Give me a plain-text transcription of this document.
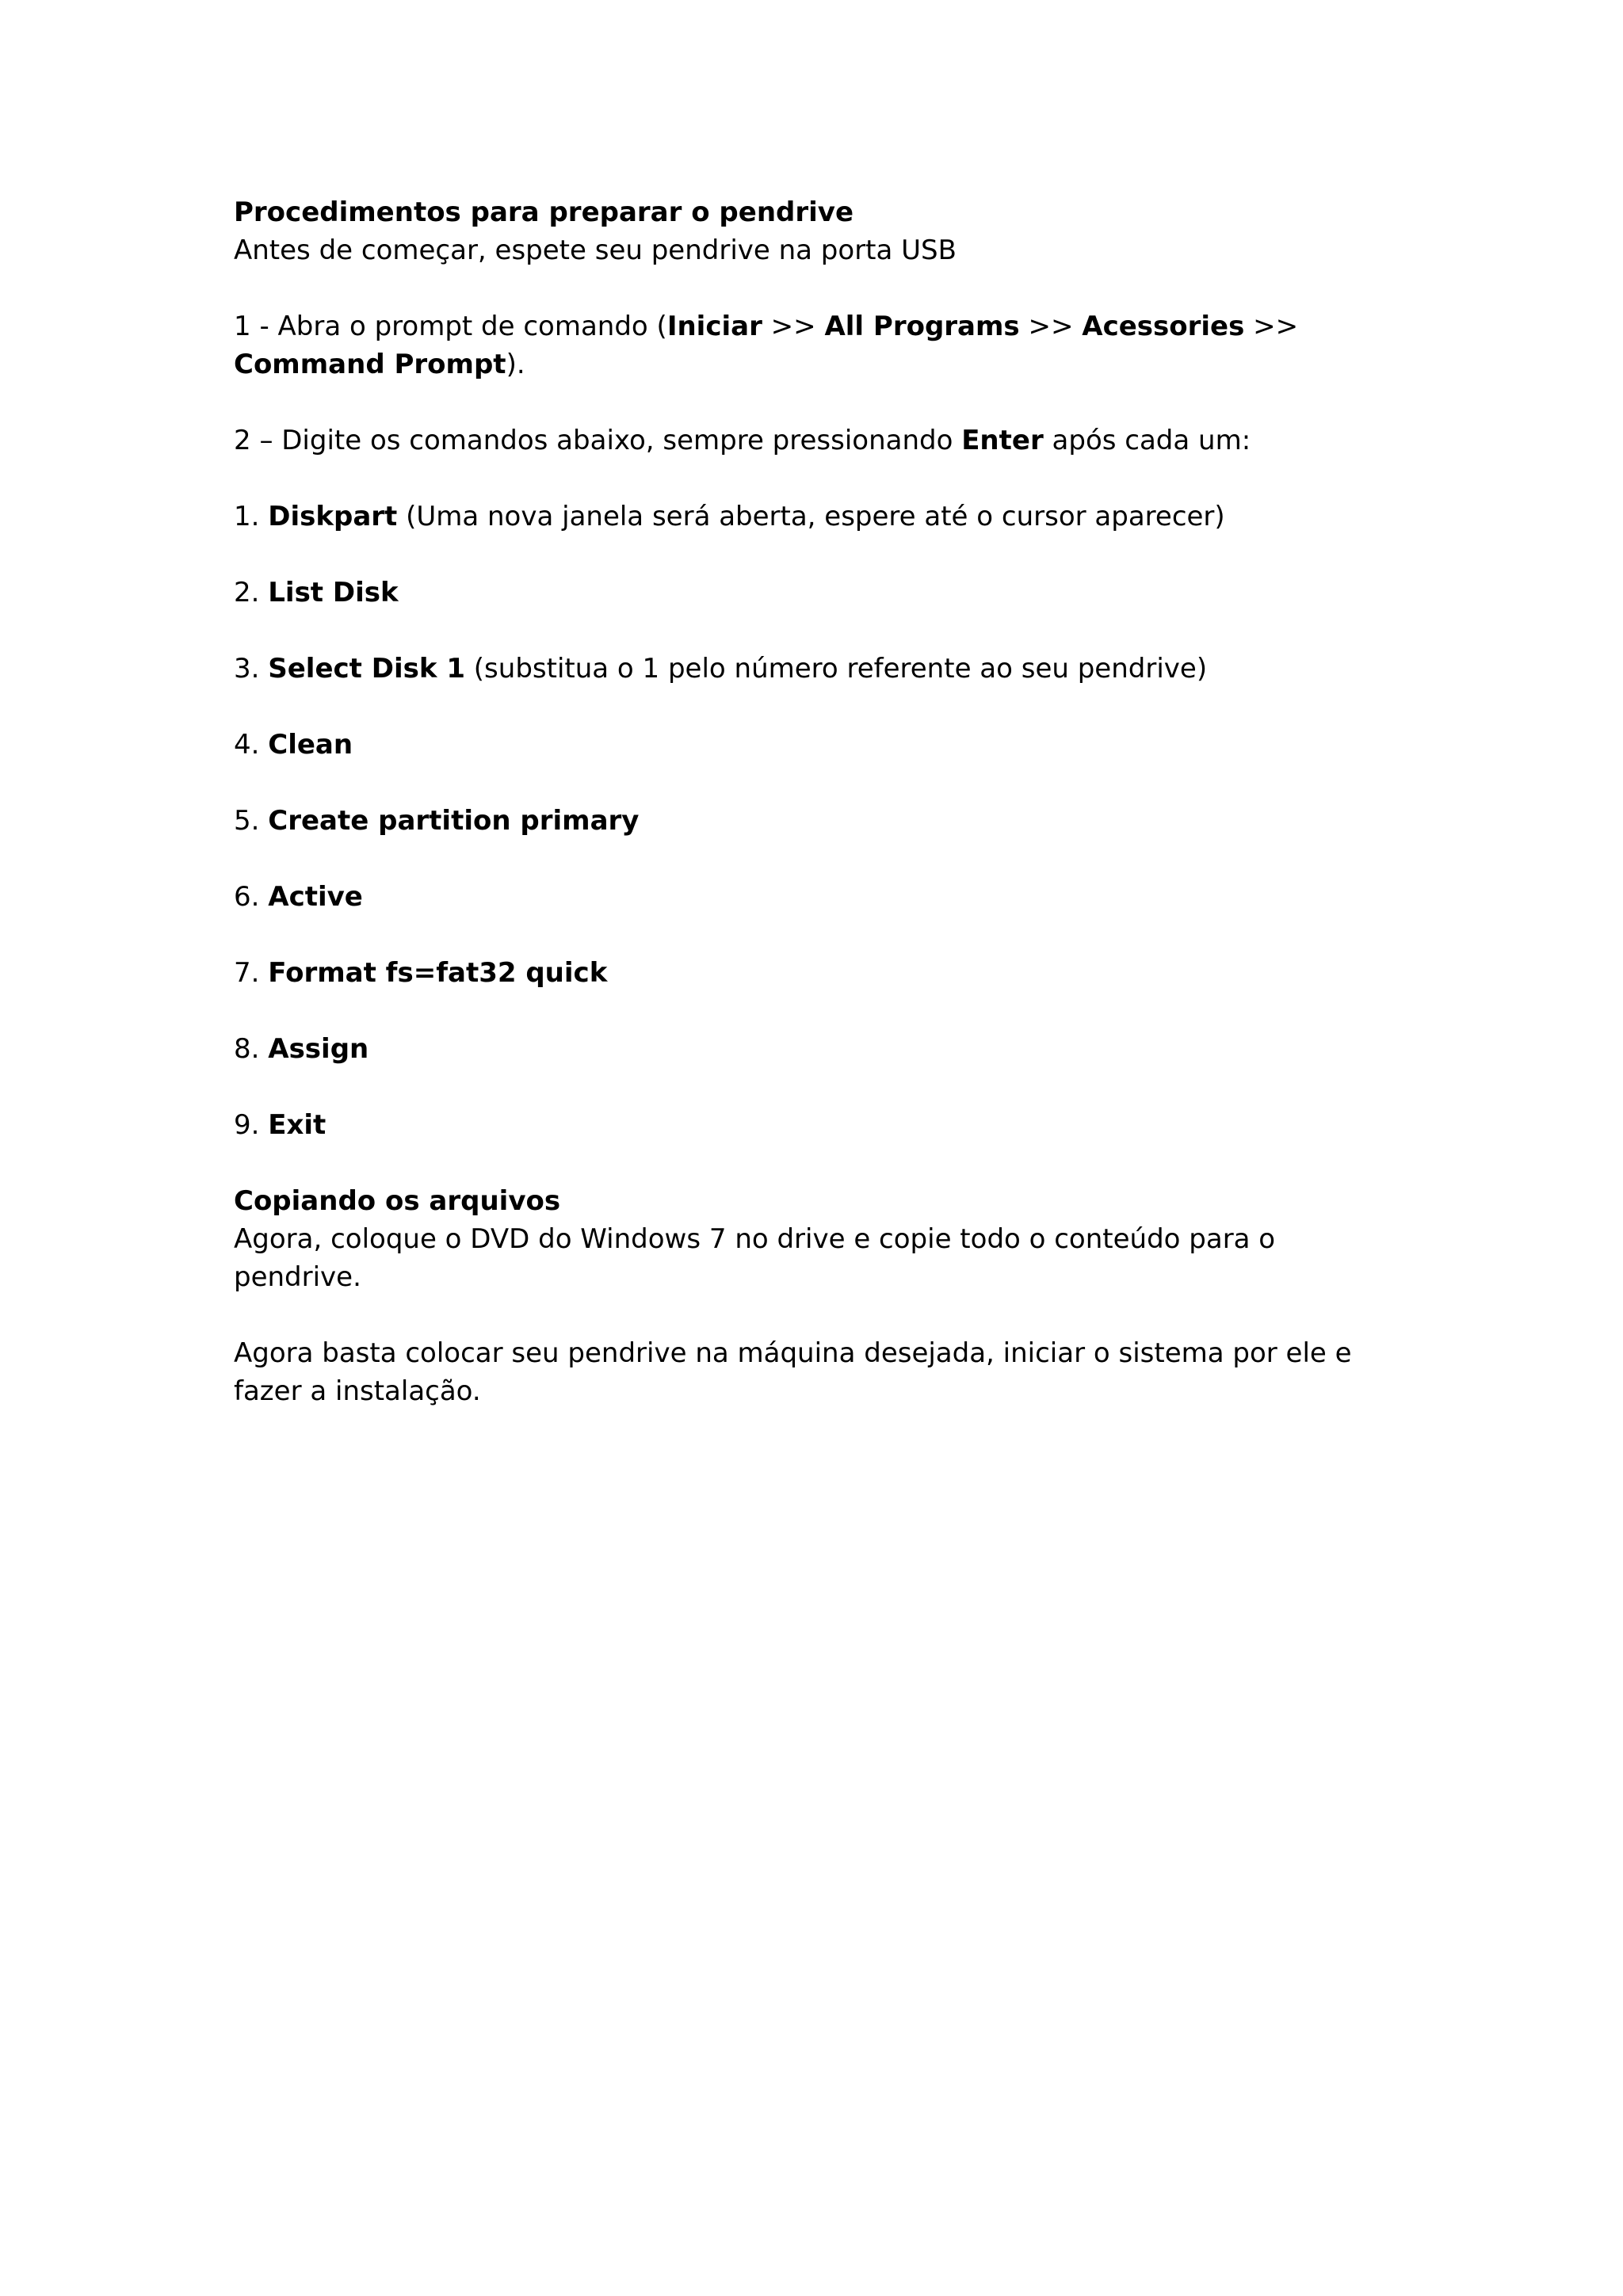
Procedimentos para preparar o pendrive

Antes de começar, espete seu pendrive na porta USB

1 - Abra o prompt de comando (Iniciar >> All Programs >> Acessories >> Command Prompt).

2 – Digite os comandos abaixo, sempre pressionando Enter após cada um:

1. Diskpart (Uma nova janela será aberta, espere até o cursor aparecer)

2. List Disk

3. Select Disk 1 (substitua o 1 pelo número referente ao seu pendrive)

4. Clean

5. Create partition primary

6. Active

7. Format fs=fat32 quick

8. Assign

9. Exit

Copiando os arquivos

Agora, coloque o DVD do Windows 7 no drive e copie todo o conteúdo para o pendrive.

Agora basta colocar seu pendrive na máquina desejada, iniciar o sistema por ele e fazer a instalação.
